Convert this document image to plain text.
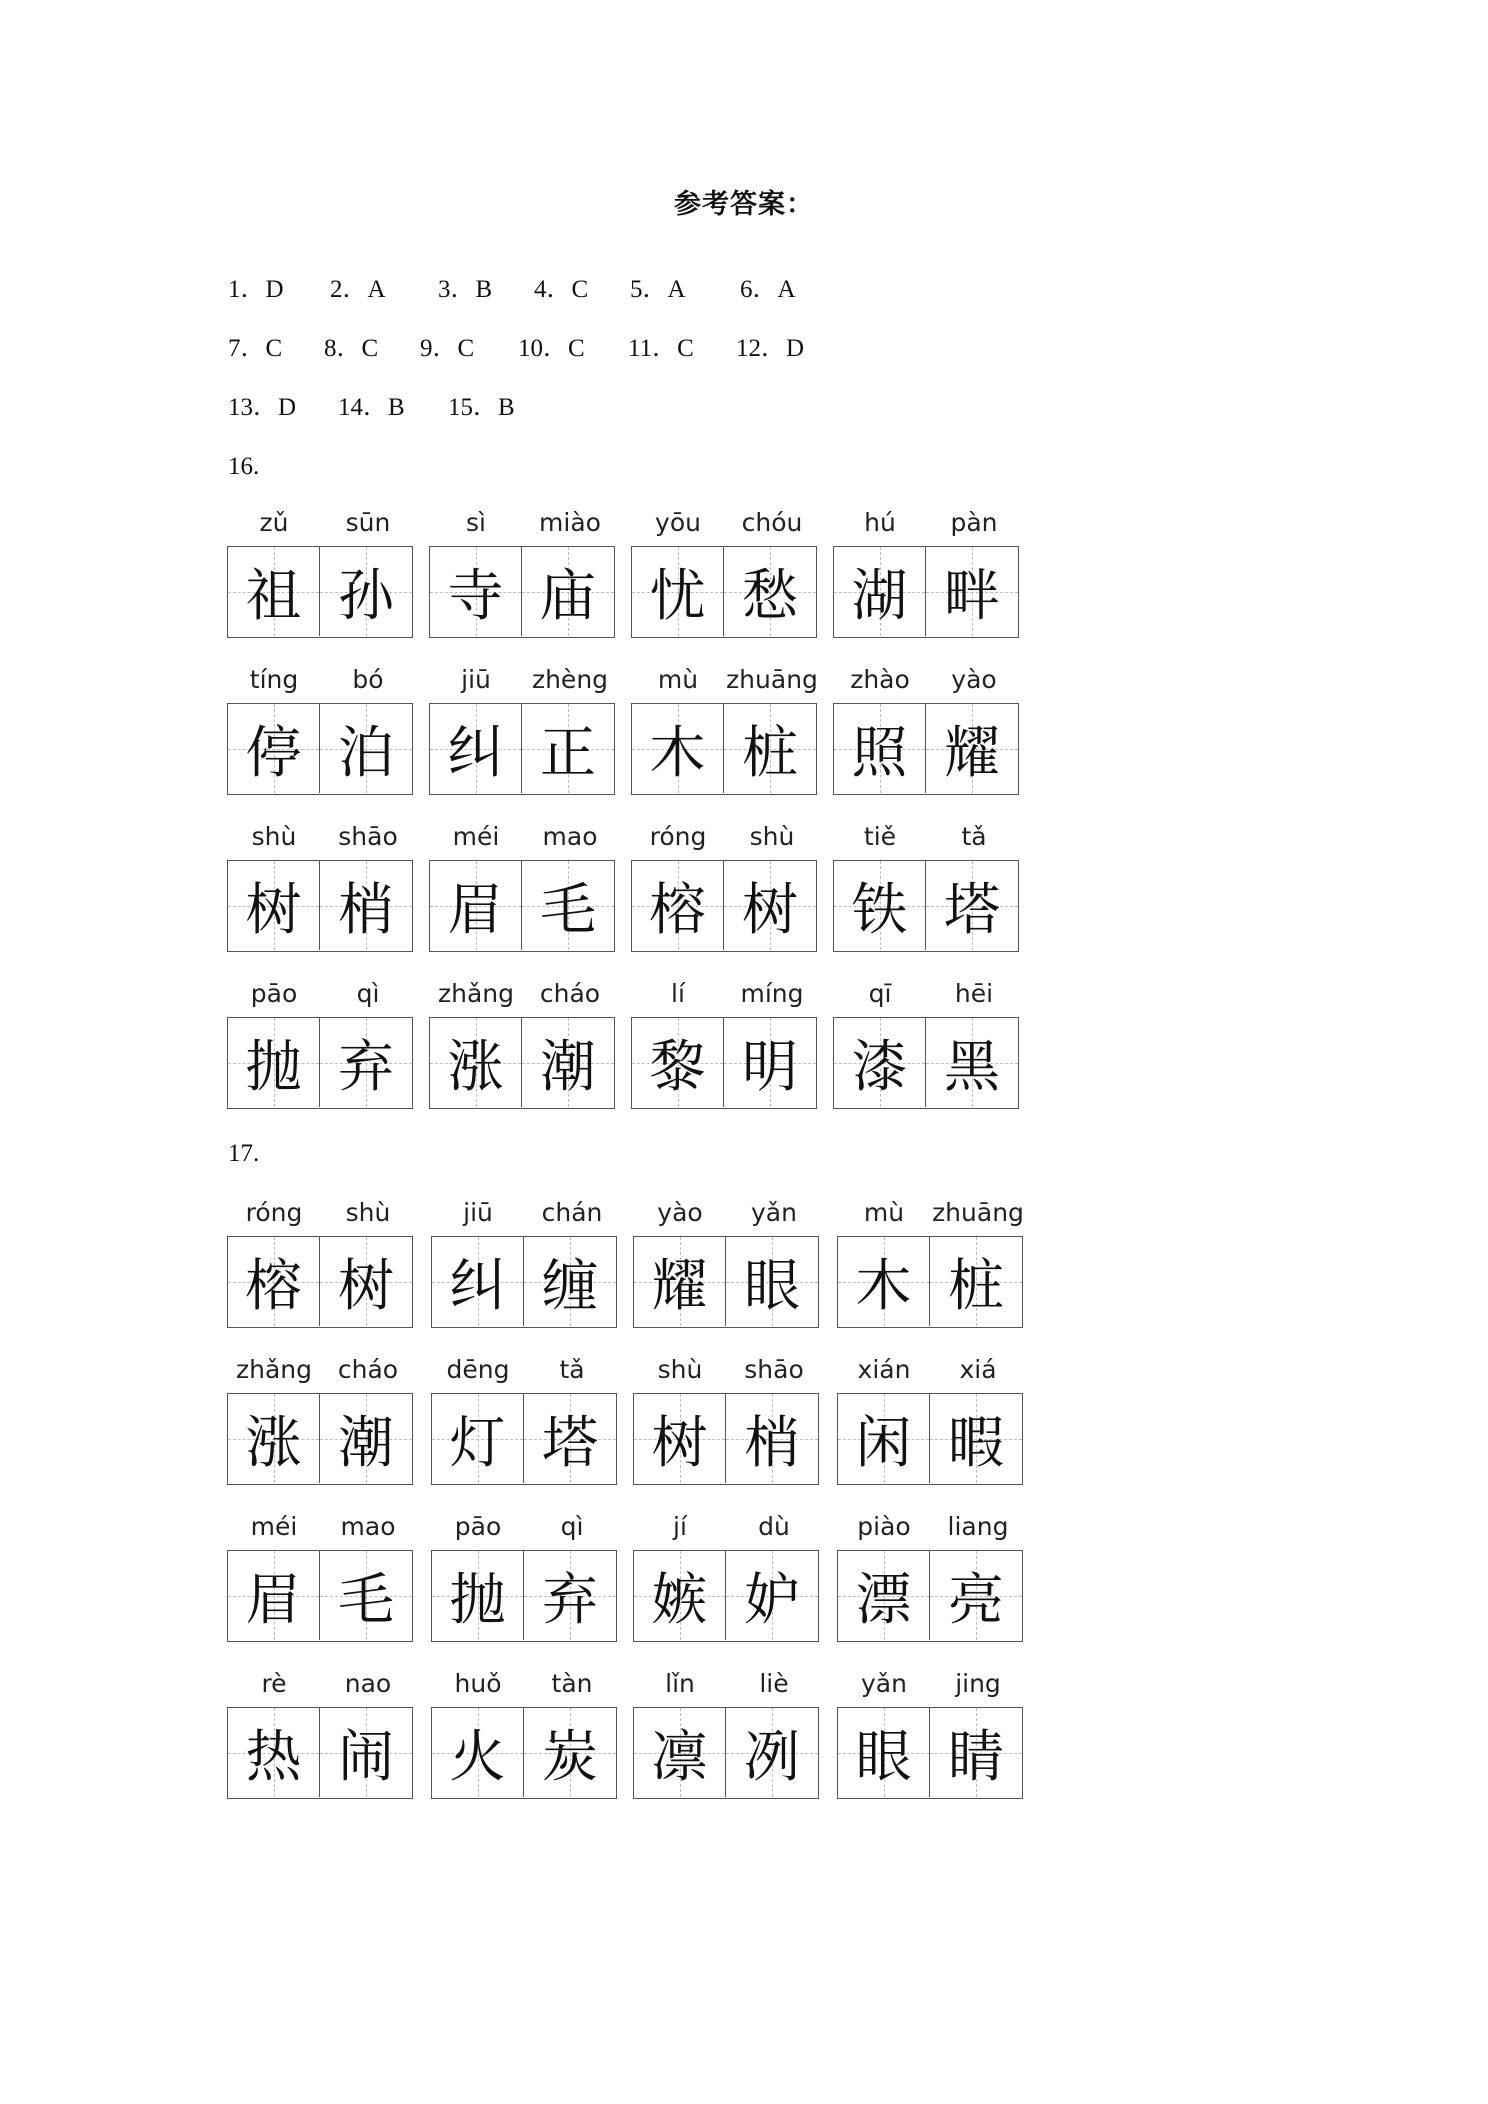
参考答案：
1．D 2．A 3．B 4．C 5．A 6．A
7．C 8．C 9．C 10．C 11．C 12．D
13．D 14．B 15．B
16.
zǔ	sūn
祖 孙
sì	miào
寺 庙
yōu	chóu
忧 愁
hú	pàn
湖 畔
tíng	bó
停 泊
jiū	zhèng
纠 正
mù	zhuāng
木 桩
zhào	yào
照 耀
shù	shāo
树 梢
méi	mao
眉 毛
róng	shù
榕 树
tiě	tǎ
铁 塔
pāo	qì
抛 弃
zhǎng	cháo
涨 潮
lí	míng
黎 明
qī	hēi
漆 黑
17.
róng	shù
榕 树
jiū	chán
纠 缠
yào	yǎn
耀 眼
mù	zhuāng
木 桩
zhǎng	cháo
涨 潮
dēng	tǎ
灯 塔
shù	shāo
树 梢
xián	xiá
闲 暇
méi	mao
眉 毛
pāo	qì
抛 弃
jí	dù
嫉 妒
piào	liang
漂 亮
rè	nao
热 闹
huǒ	tàn
火 炭
lǐn	liè
凛 冽
yǎn	jing
眼 睛
